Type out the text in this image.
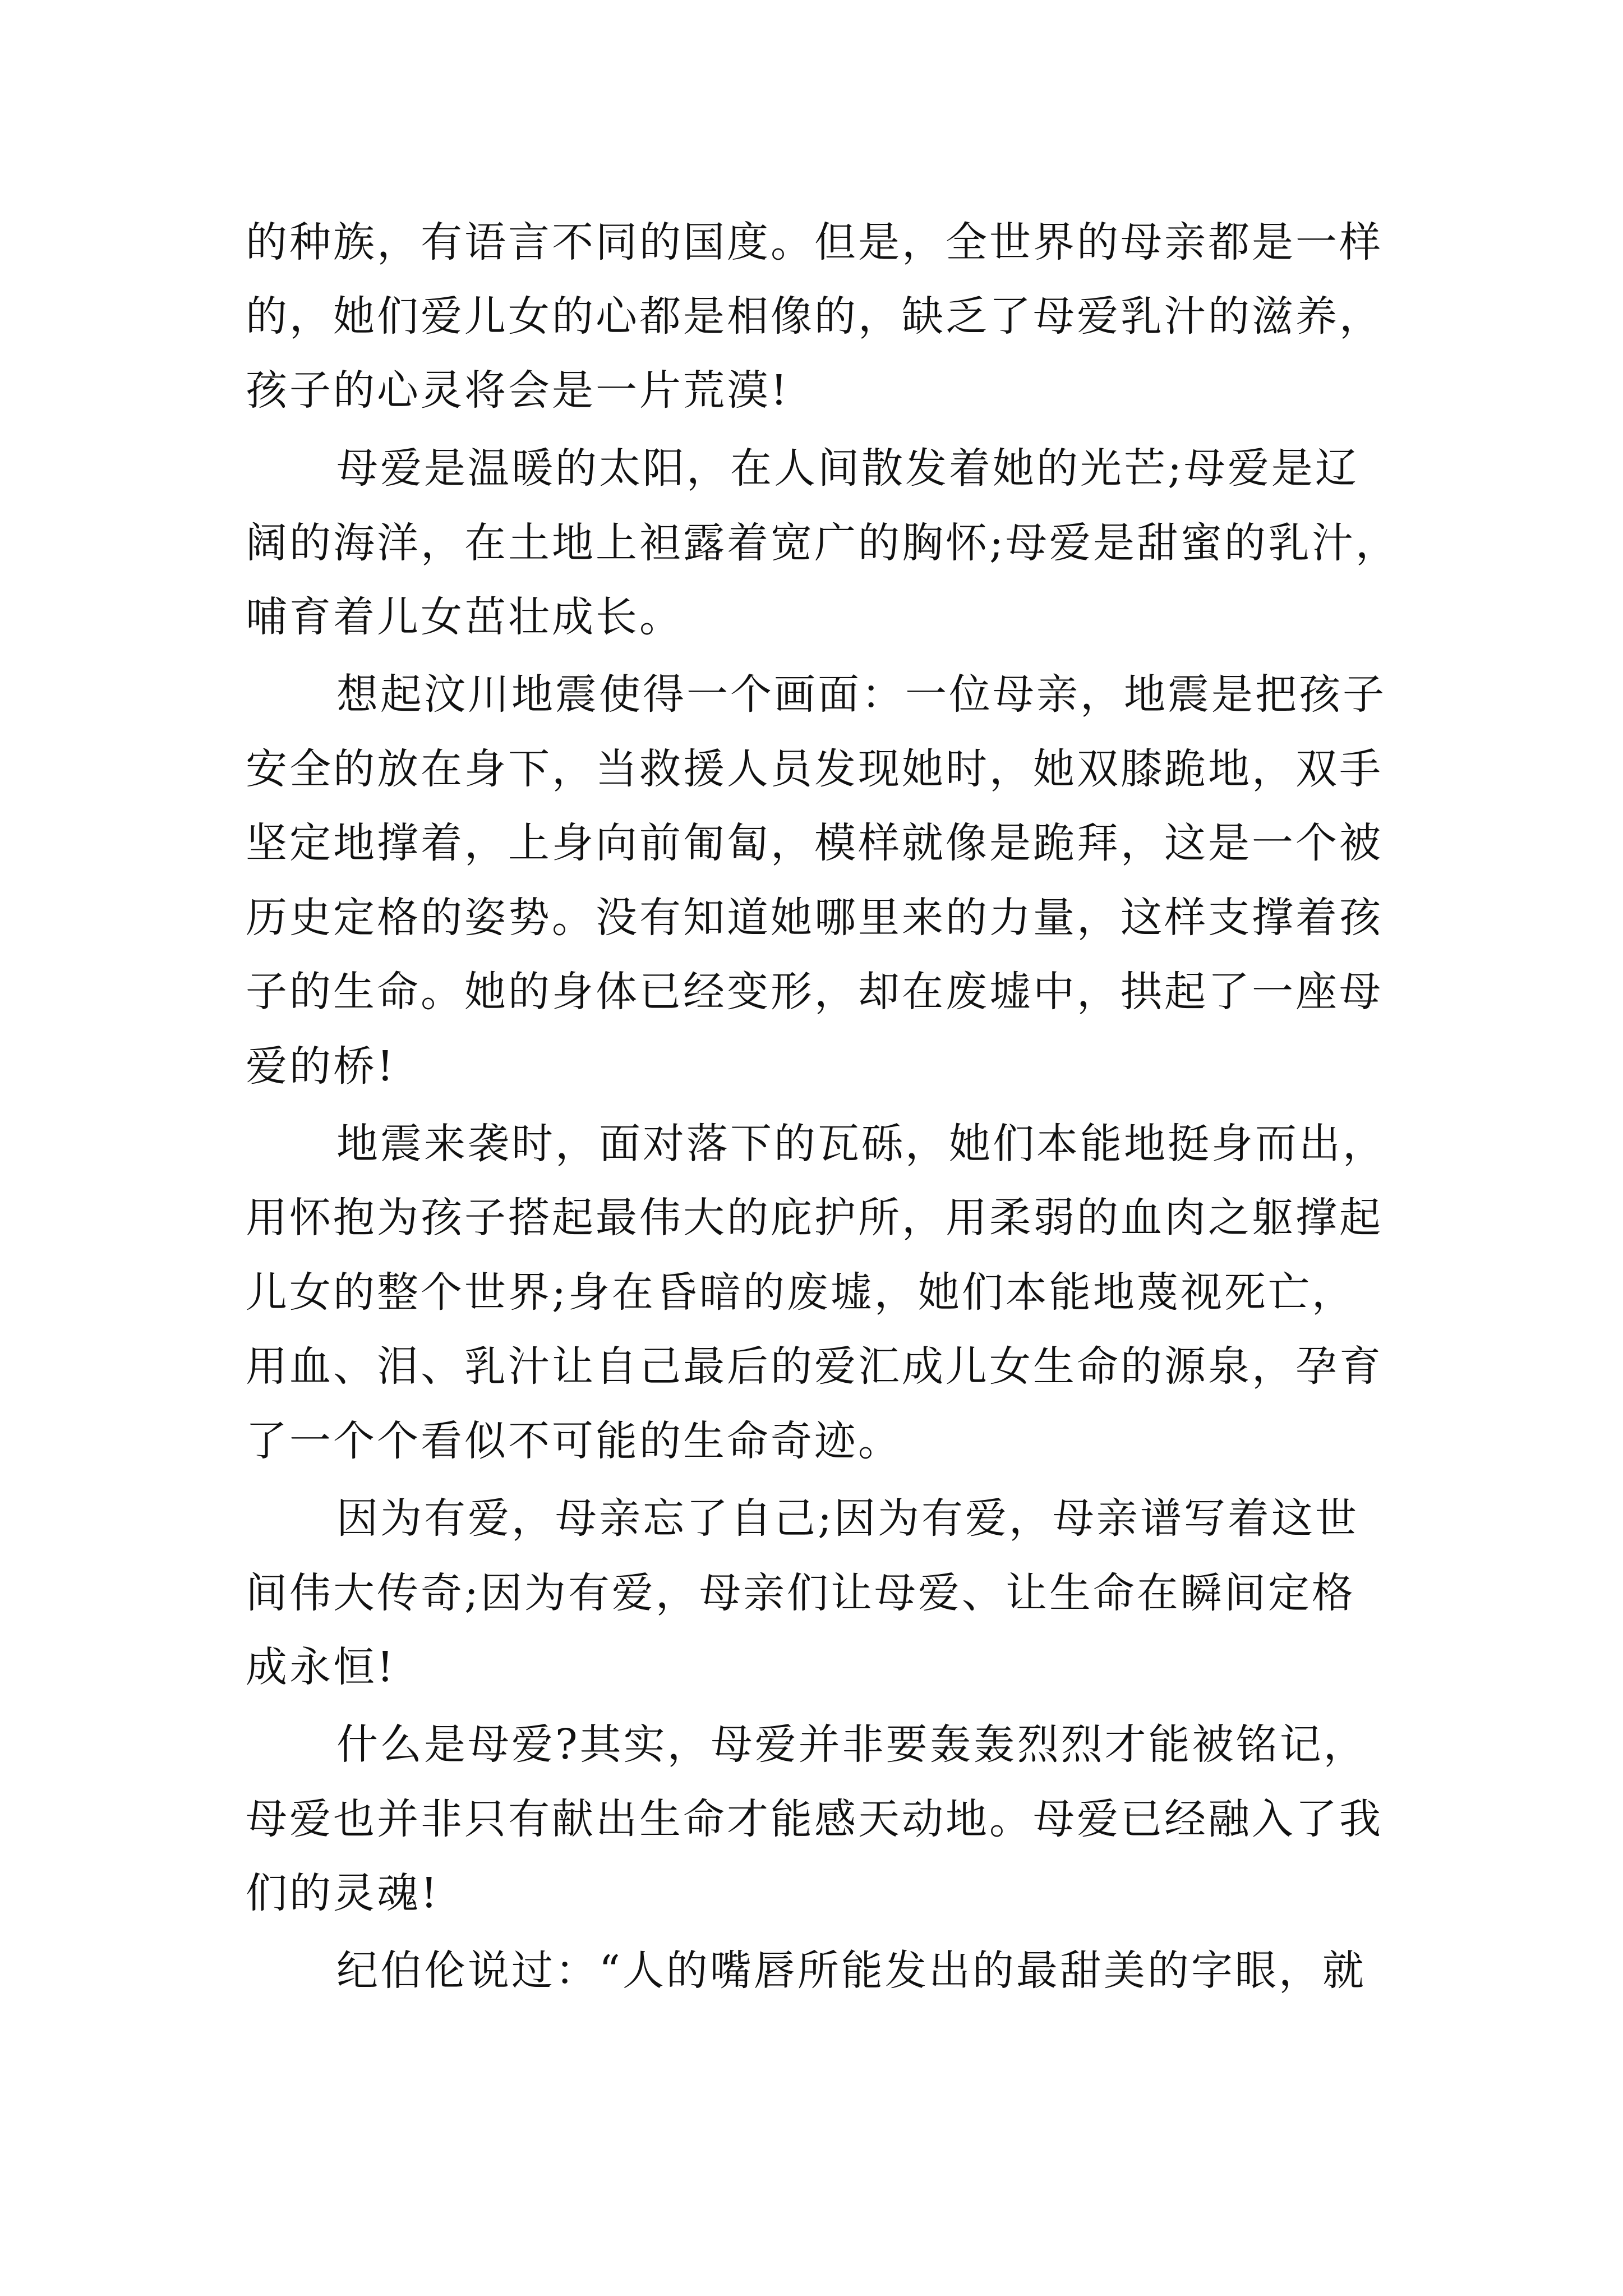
的种族，有语言不同的国度。但是，全世界的母亲都是一样
的，她们爱儿女的心都是相像的，缺乏了母爱乳汁的滋养，
孩子的心灵将会是一片荒漠!
母爱是温暖的太阳，在人间散发着她的光芒;母爱是辽
阔的海洋，在土地上袒露着宽广的胸怀;母爱是甜蜜的乳汁，
哺育着儿女茁壮成长。
想起汶川地震使得一个画面：一位母亲，地震是把孩子
安全的放在身下，当救援人员发现她时，她双膝跪地，双手
坚定地撑着，上身向前匍匐，模样就像是跪拜，这是一个被
历史定格的姿势。没有知道她哪里来的力量，这样支撑着孩
子的生命。她的身体已经变形，却在废墟中，拱起了一座母
爱的桥!
地震来袭时，面对落下的瓦砾，她们本能地挺身而出，
用怀抱为孩子搭起最伟大的庇护所，用柔弱的血肉之躯撑起
儿女的整个世界;身在昏暗的废墟，她们本能地蔑视死亡，
用血、泪、乳汁让自己最后的爱汇成儿女生命的源泉，孕育
了一个个看似不可能的生命奇迹。
因为有爱，母亲忘了自己;因为有爱，母亲谱写着这世
间伟大传奇;因为有爱，母亲们让母爱、让生命在瞬间定格
成永恒!
什么是母爱?其实，母爱并非要轰轰烈烈才能被铭记，
母爱也并非只有献出生命才能感天动地。母爱已经融入了我
们的灵魂!
纪伯伦说过：“人的嘴唇所能发出的最甜美的字眼，就
